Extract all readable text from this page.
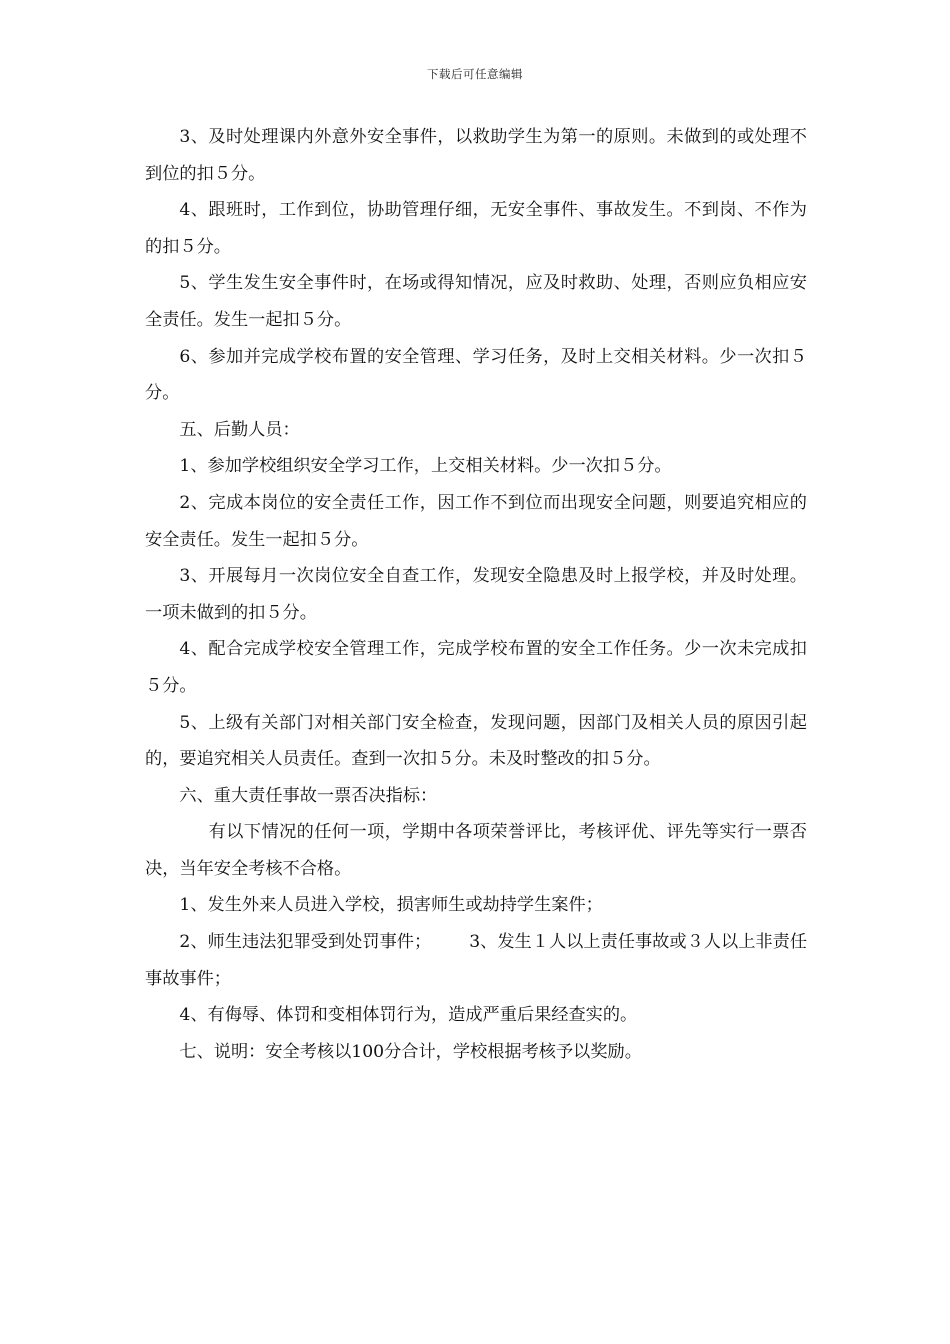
下载后可任意编辑

3、及时处理课内外意外安全事件，以救助学生为第一的原则。未做到的或处理不到位的扣５分。

4、跟班时，工作到位，协助管理仔细，无安全事件、事故发生。不到岗、不作为的扣５分。

5、学生发生安全事件时，在场或得知情况，应及时救助、处理，否则应负相应安全责任。发生一起扣５分。

6、参加并完成学校布置的安全管理、学习任务，及时上交相关材料。少一次扣５分。

五、后勤人员：

1、参加学校组织安全学习工作，上交相关材料。少一次扣５分。

2、完成本岗位的安全责任工作，因工作不到位而出现安全问题，则要追究相应的安全责任。发生一起扣５分。

3、开展每月一次岗位安全自查工作，发现安全隐患及时上报学校，并及时处理。一项未做到的扣５分。

4、配合完成学校安全管理工作，完成学校布置的安全工作任务。少一次未完成扣５分。

5、上级有关部门对相关部门安全检查，发现问题，因部门及相关人员的原因引起的，要追究相关人员责任。查到一次扣５分。未及时整改的扣５分。

六、重大责任事故一票否决指标：

有以下情况的任何一项，学期中各项荣誉评比，考核评优、评先等实行一票否决，当年安全考核不合格。

1、发生外来人员进入学校，损害师生或劫持学生案件；

2、师生违法犯罪受到处罚事件； 3、发生１人以上责任事故或３人以上非责任事故事件；

4、有侮辱、体罚和变相体罚行为，造成严重后果经查实的。

七、说明：安全考核以100分合计，学校根据考核予以奖励。
